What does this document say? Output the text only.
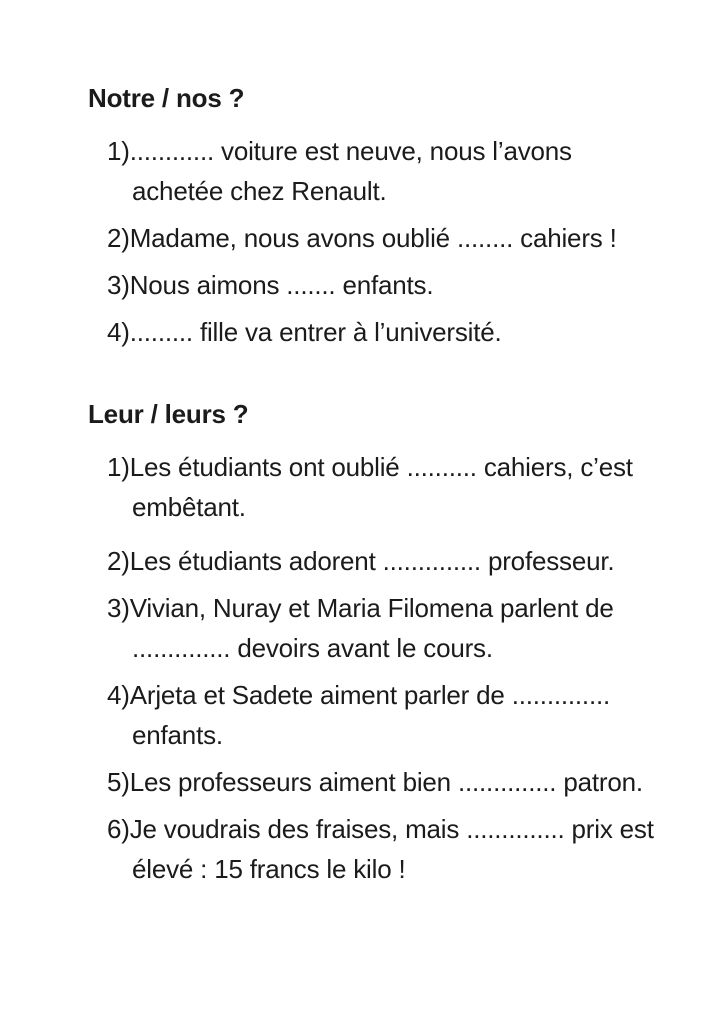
Notre / nos ?
1)............ voiture est neuve, nous l’avons
achetée chez Renault.
2)Madame, nous avons oublié ........ cahiers !
3)Nous aimons ....... enfants.
4)......... fille va entrer à l’université.
Leur / leurs ?
1)Les étudiants ont oublié .......... cahiers, c’est
embêtant.
2)Les étudiants adorent .............. professeur.
3)Vivian, Nuray et Maria Filomena parlent de
.............. devoirs avant le cours.
4)Arjeta et Sadete aiment parler de ..............
enfants.
5)Les professeurs aiment bien .............. patron.
6)Je voudrais des fraises, mais .............. prix est
élevé : 15 francs le kilo !
